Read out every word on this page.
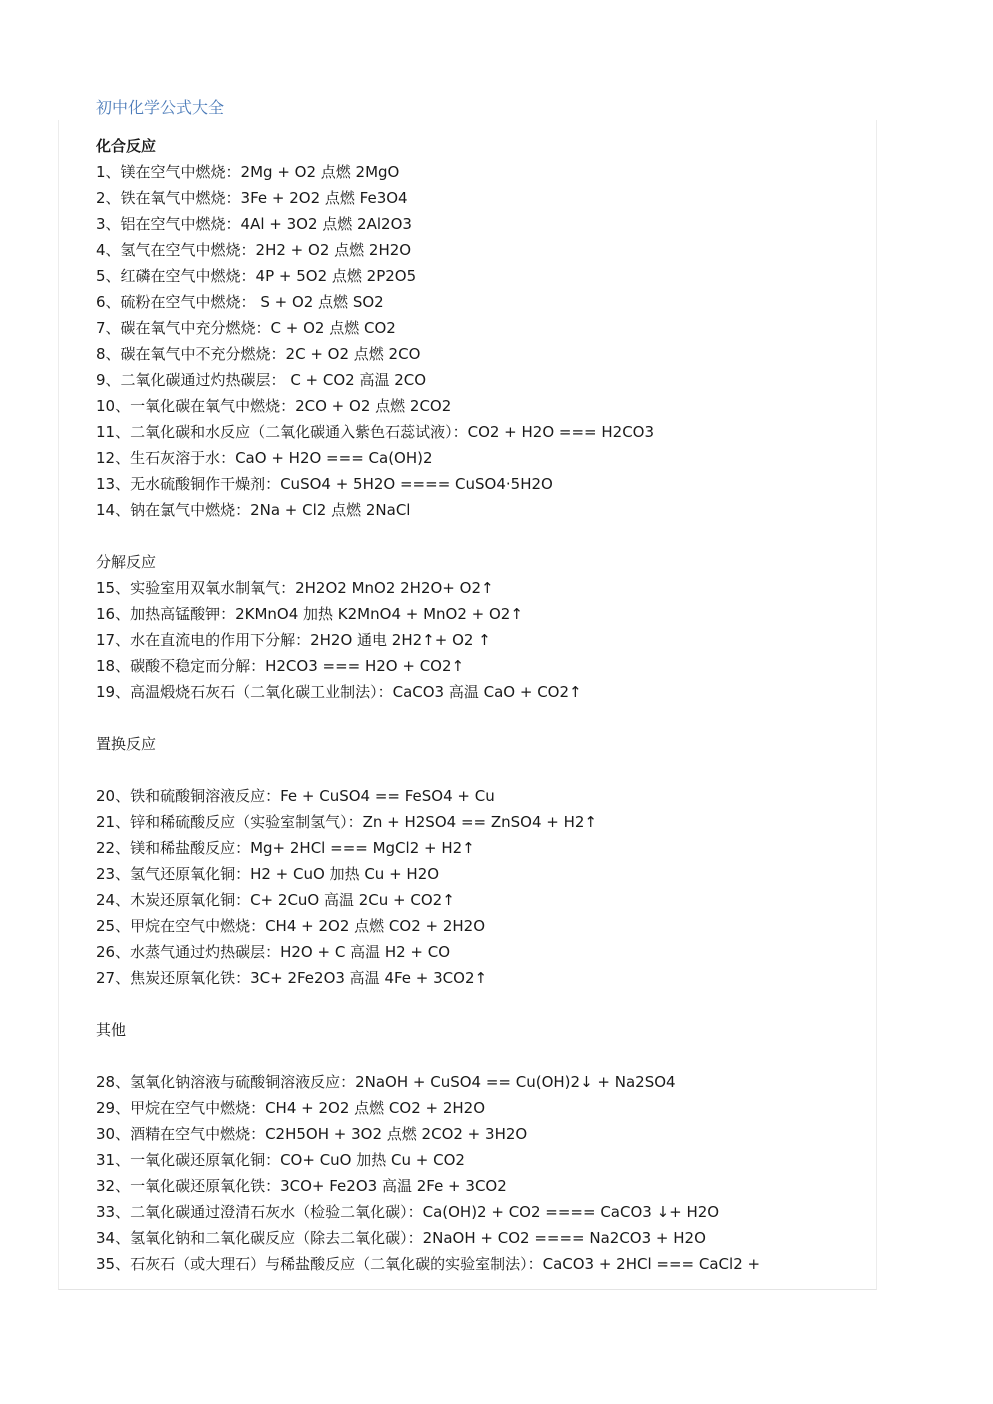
初中化学公式大全
化合反应
1、镁在空气中燃烧：2Mg + O2 点燃 2MgO
2、铁在氧气中燃烧：3Fe + 2O2 点燃 Fe3O4
3、铝在空气中燃烧：4Al + 3O2 点燃 2Al2O3
4、氢气在空气中燃烧：2H2 + O2 点燃 2H2O
5、红磷在空气中燃烧：4P + 5O2 点燃 2P2O5
6、硫粉在空气中燃烧： S + O2 点燃 SO2
7、碳在氧气中充分燃烧：C + O2 点燃 CO2
8、碳在氧气中不充分燃烧：2C + O2 点燃 2CO
9、二氧化碳通过灼热碳层： C + CO2 高温 2CO
10、一氧化碳在氧气中燃烧：2CO + O2 点燃 2CO2
11、二氧化碳和水反应（二氧化碳通入紫色石蕊试液）：CO2 + H2O === H2CO3
12、生石灰溶于水：CaO + H2O === Ca(OH)2
13、无水硫酸铜作干燥剂：CuSO4 + 5H2O ==== CuSO4·5H2O
14、钠在氯气中燃烧：2Na + Cl2 点燃 2NaCl
分解反应
15、实验室用双氧水制氧气：2H2O2 MnO2 2H2O+ O2↑
16、加热高锰酸钾：2KMnO4 加热 K2MnO4 + MnO2 + O2↑
17、水在直流电的作用下分解：2H2O 通电 2H2↑+ O2 ↑
18、碳酸不稳定而分解：H2CO3 === H2O + CO2↑
19、高温煅烧石灰石（二氧化碳工业制法）：CaCO3 高温 CaO + CO2↑
置换反应
20、铁和硫酸铜溶液反应：Fe + CuSO4 == FeSO4 + Cu
21、锌和稀硫酸反应（实验室制氢气）：Zn + H2SO4 == ZnSO4 + H2↑
22、镁和稀盐酸反应：Mg+ 2HCl === MgCl2 + H2↑
23、氢气还原氧化铜：H2 + CuO 加热 Cu + H2O
24、木炭还原氧化铜：C+ 2CuO 高温 2Cu + CO2↑
25、甲烷在空气中燃烧：CH4 + 2O2 点燃 CO2 + 2H2O
26、水蒸气通过灼热碳层：H2O + C 高温 H2 + CO
27、焦炭还原氧化铁：3C+ 2Fe2O3 高温 4Fe + 3CO2↑
其他
28、氢氧化钠溶液与硫酸铜溶液反应：2NaOH + CuSO4 == Cu(OH)2↓ + Na2SO4
29、甲烷在空气中燃烧：CH4 + 2O2 点燃 CO2 + 2H2O
30、酒精在空气中燃烧：C2H5OH + 3O2 点燃 2CO2 + 3H2O
31、一氧化碳还原氧化铜：CO+ CuO 加热 Cu + CO2
32、一氧化碳还原氧化铁：3CO+ Fe2O3 高温 2Fe + 3CO2
33、二氧化碳通过澄清石灰水（检验二氧化碳）：Ca(OH)2 + CO2 ==== CaCO3 ↓+ H2O
34、氢氧化钠和二氧化碳反应（除去二氧化碳）：2NaOH + CO2 ==== Na2CO3 + H2O
35、石灰石（或大理石）与稀盐酸反应（二氧化碳的实验室制法）：CaCO3 + 2HCl === CaCl2 +
